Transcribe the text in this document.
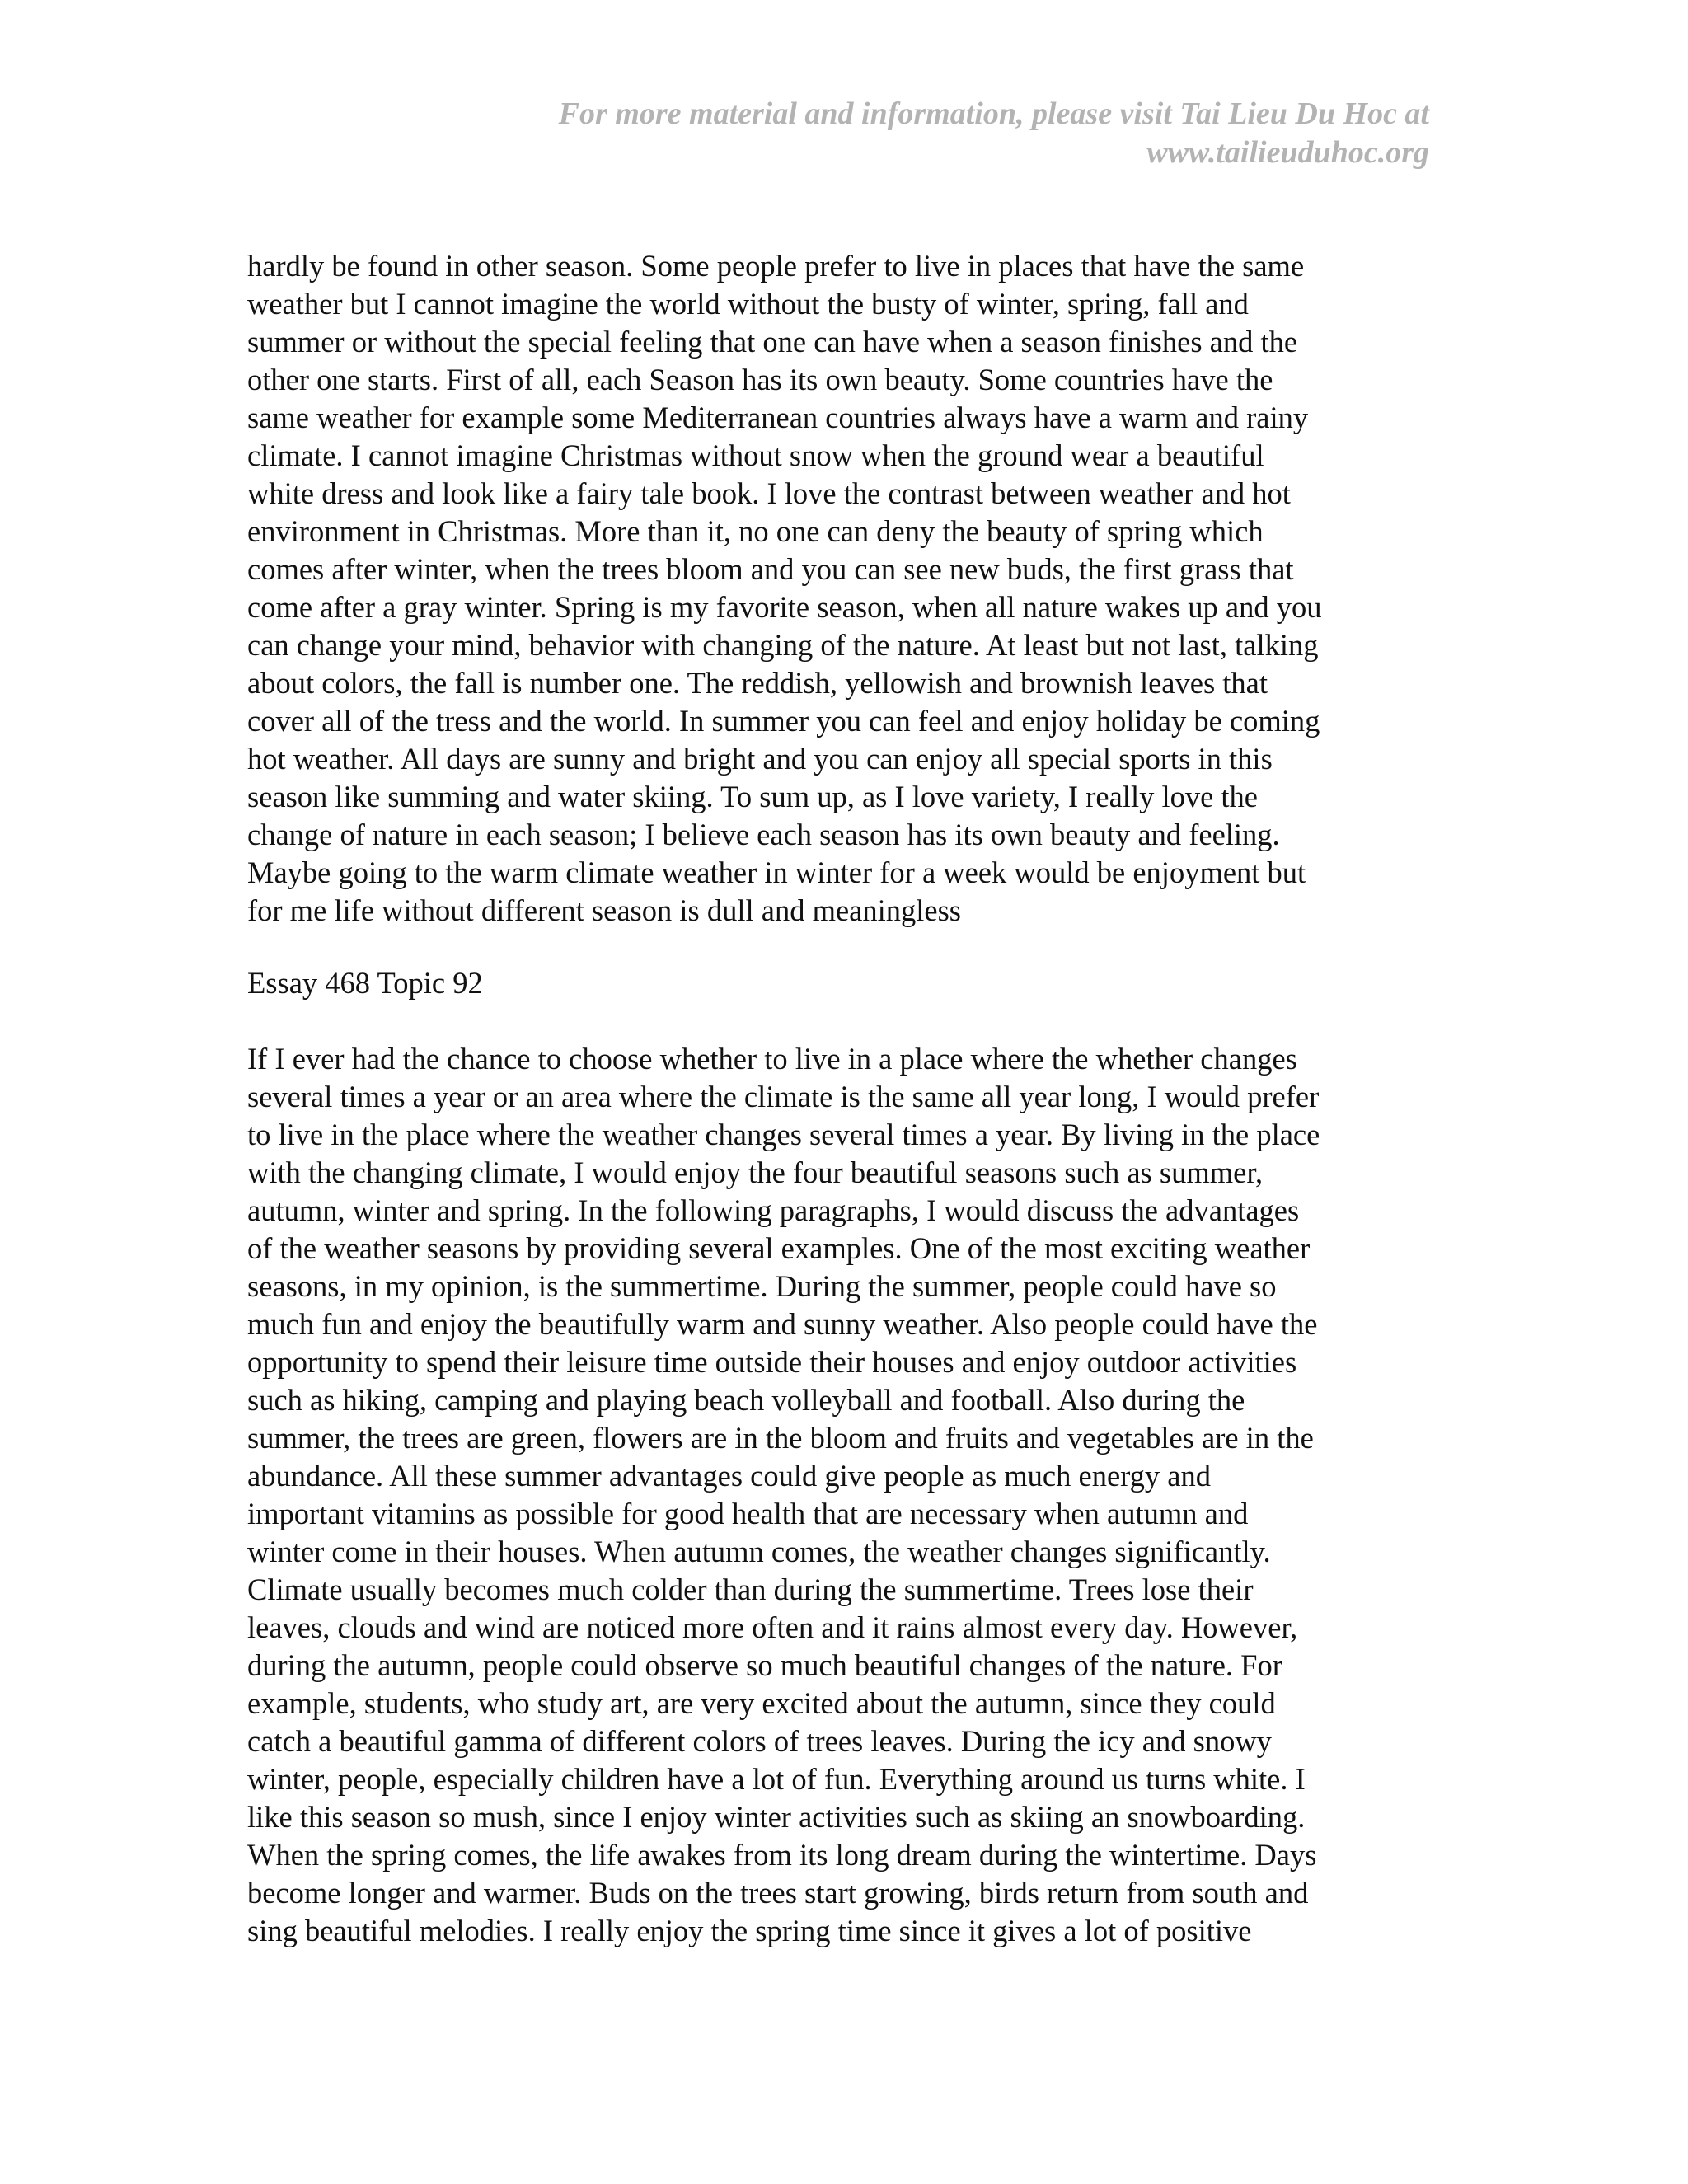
For more material and information, please visit Tai Lieu Du Hoc at
www.tailieuduhoc.org
hardly be found in other season. Some people prefer to live in places that have the same
weather but I cannot imagine the world without the busty of winter, spring, fall and
summer or without the special feeling that one can have when a season finishes and the
other one starts. First of all, each Season has its own beauty. Some countries have the
same weather for example some Mediterranean countries always have a warm and rainy
climate. I cannot imagine Christmas without snow when the ground wear a beautiful
white dress and look like a fairy tale book. I love the contrast between weather and hot
environment in Christmas. More than it, no one can deny the beauty of spring which
comes after winter, when the trees bloom and you can see new buds, the first grass that
come after a gray winter. Spring is my favorite season, when all nature wakes up and you
can change your mind, behavior with changing of the nature. At least but not last, talking
about colors, the fall is number one. The reddish, yellowish and brownish leaves that
cover all of the tress and the world. In summer you can feel and enjoy holiday be coming
hot weather. All days are sunny and bright and you can enjoy all special sports in this
season like summing and water skiing. To sum up, as I love variety, I really love the
change of nature in each season; I believe each season has its own beauty and feeling.
Maybe going to the warm climate weather in winter for a week would be enjoyment but
for me life without different season is dull and meaningless
Essay 468 Topic 92
If I ever had the chance to choose whether to live in a place where the whether changes
several times a year or an area where the climate is the same all year long, I would prefer
to live in the place where the weather changes several times a year. By living in the place
with the changing climate, I would enjoy the four beautiful seasons such as summer,
autumn, winter and spring. In the following paragraphs, I would discuss the advantages
of the weather seasons by providing several examples. One of the most exciting weather
seasons, in my opinion, is the summertime. During the summer, people could have so
much fun and enjoy the beautifully warm and sunny weather. Also people could have the
opportunity to spend their leisure time outside their houses and enjoy outdoor activities
such as hiking, camping and playing beach volleyball and football. Also during the
summer, the trees are green, flowers are in the bloom and fruits and vegetables are in the
abundance. All these summer advantages could give people as much energy and
important vitamins as possible for good health that are necessary when autumn and
winter come in their houses. When autumn comes, the weather changes significantly.
Climate usually becomes much colder than during the summertime. Trees lose their
leaves, clouds and wind are noticed more often and it rains almost every day. However,
during the autumn, people could observe so much beautiful changes of the nature. For
example, students, who study art, are very excited about the autumn, since they could
catch a beautiful gamma of different colors of trees leaves. During the icy and snowy
winter, people, especially children have a lot of fun. Everything around us turns white. I
like this season so mush, since I enjoy winter activities such as skiing an snowboarding.
When the spring comes, the life awakes from its long dream during the wintertime. Days
become longer and warmer. Buds on the trees start growing, birds return from south and
sing beautiful melodies. I really enjoy the spring time since it gives a lot of positive
